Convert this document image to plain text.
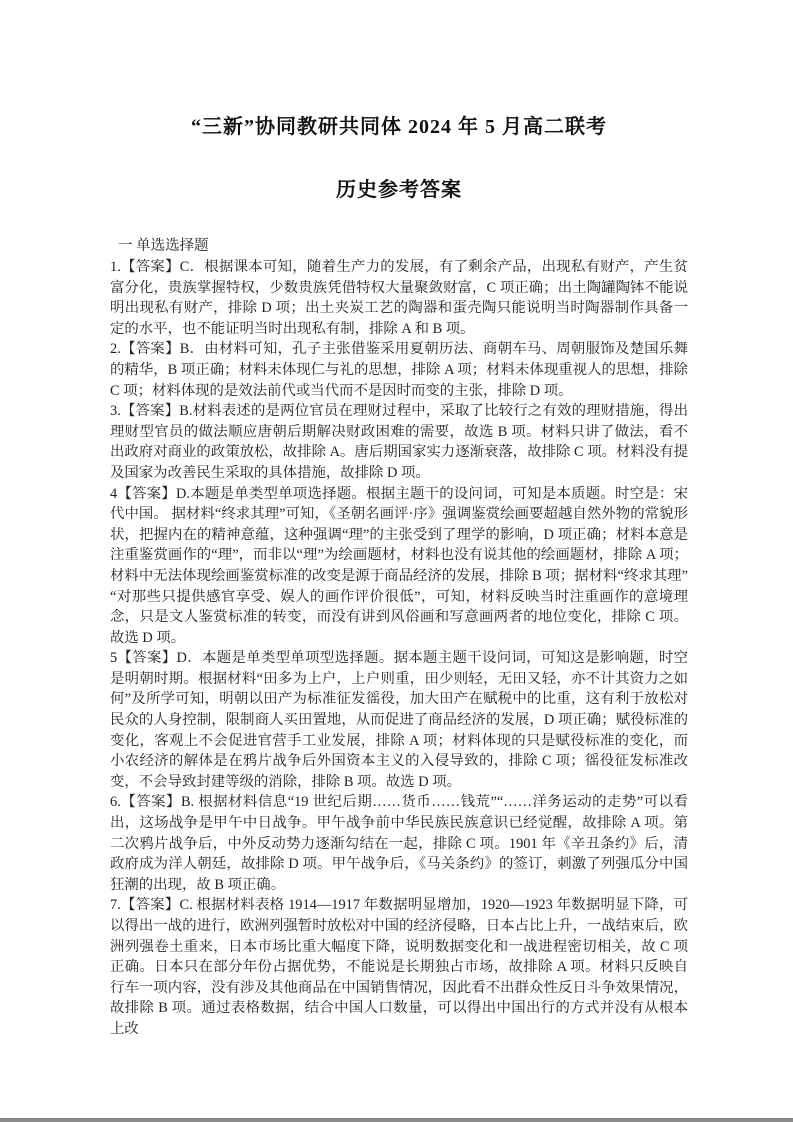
“三新”协同教研共同体 2024 年 5 月高二联考
历史参考答案
一 单选选择题

1.【答案】C．根据课本可知，随着生产力的发展，有了剩余产品，出现私有财产，产生贫富分化，贵族掌握特权，少数贵族凭借特权大量聚敛财富，C 项正确；出土陶罐陶钵不能说明出现私有财产，排除 D 项；出土夹炭工艺的陶器和蛋壳陶只能说明当时陶器制作具备一定的水平，也不能证明当时出现私有制，排除 A 和 B 项。

2.【答案】B．由材料可知，孔子主张借鉴采用夏朝历法、商朝车马、周朝服饰及楚国乐舞的精华，B 项正确；材料未体现仁与礼的思想，排除 A 项；材料未体现重视人的思想，排除 C 项；材料体现的是效法前代或当代而不是因时而变的主张，排除 D 项。

3.【答案】B.材料表述的是两位官员在理财过程中，采取了比较行之有效的理财措施，得出理财型官员的做法顺应唐朝后期解决财政困难的需要，故选 B 项。材料只讲了做法，看不出政府对商业的政策放松，故排除 A。唐后期国家实力逐渐衰落，故排除 C 项。材料没有提及国家为改善民生采取的具体措施，故排除 D 项。

4【答案】D.本题是单类型单项选择题。根据主题干的设问词，可知是本质题。时空是：宋代中国。 据材料“终求其理”可知，《圣朝名画评·序》强调鉴赏绘画要超越自然外物的常貌形状，把握内在的精神意蕴，这种强调“理”的主张受到了理学的影响，D 项正确；材料本意是注重鉴赏画作的“理”，而非以“理”为绘画题材，材料也没有说其他的绘画题材，排除 A 项；材料中无法体现绘画鉴赏标准的改变是源于商品经济的发展，排除 B 项；据材料“终求其理”“对那些只提供感官享受、娱人的画作评价很低”，可知，材料反映当时注重画作的意境理念，只是文人鉴赏标准的转变，而没有讲到风俗画和写意画两者的地位变化，排除 C 项。故选 D 项。

5【答案】D．本题是单类型单项型选择题。据本题主题干设问词，可知这是影响题，时空是明朝时期。根据材料“田多为上户，上户则重，田少则轻，无田又轻，亦不计其资力之如何”及所学可知，明朝以田产为标准征发徭役，加大田产在赋税中的比重，这有利于放松对民众的人身控制，限制商人买田置地，从而促进了商品经济的发展，D 项正确；赋役标准的变化，客观上不会促进官营手工业发展，排除 A 项；材料体现的只是赋役标准的变化，而小农经济的解体是在鸦片战争后外国资本主义的入侵导致的，排除 C 项；徭役征发标准改变，不会导致封建等级的消除，排除 B 项。故选 D 项。

6.【答案】B. 根据材料信息“19 世纪后期……货币……钱荒”“……洋务运动的走势”可以看出，这场战争是甲午中日战争。甲午战争前中华民族民族意识已经觉醒，故排除 A 项。第二次鸦片战争后，中外反动势力逐渐勾结在一起，排除 C 项。1901 年《辛丑条约》后，清政府成为洋人朝廷，故排除 D 项。甲午战争后，《马关条约》的签订，刺激了列强瓜分中国狂潮的出现，故 B 项正确。

7.【答案】C. 根据材料表格 1914—1917 年数据明显增加，1920—1923 年数据明显下降，可以得出一战的进行，欧洲列强暂时放松对中国的经济侵略，日本占比上升，一战结束后，欧洲列强卷土重来，日本市场比重大幅度下降，说明数据变化和一战进程密切相关，故 C 项正确。日本只在部分年份占据优势，不能说是长期独占市场，故排除 A 项。材料只反映自行车一项内容，没有涉及其他商品在中国销售情况，因此看不出群众性反日斗争效果情况，故排除 B 项。通过表格数据，结合中国人口数量，可以得出中国出行的方式并没有从根本上改
